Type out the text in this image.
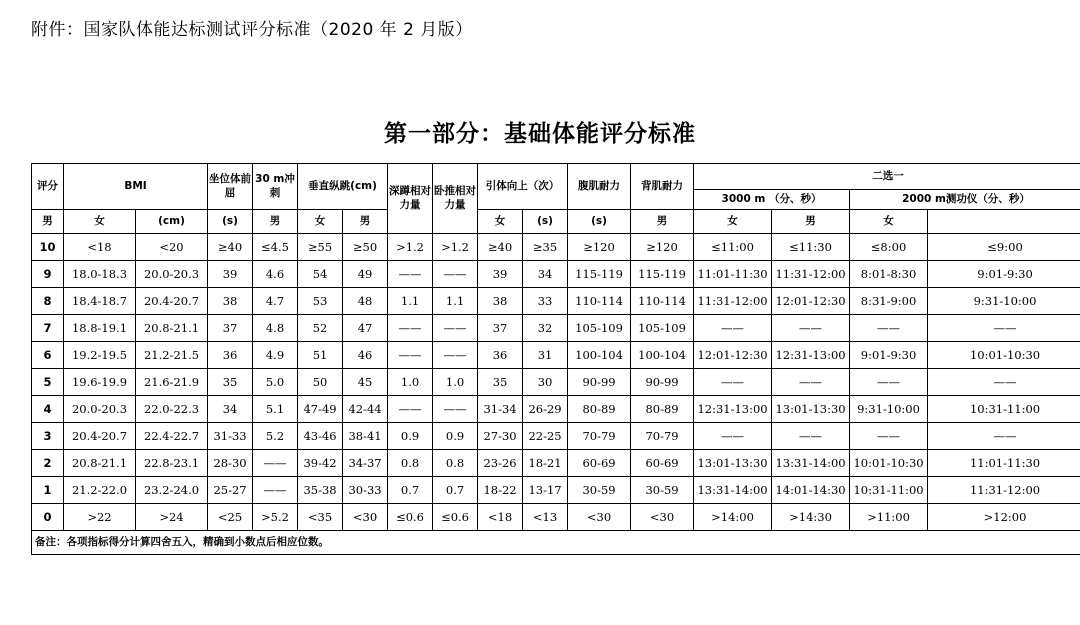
附件：国家队体能达标测试评分标准（2020 年 2 月版）
第一部分：基础体能评分标准
评分	BMI		坐位体前屈	30 m冲刺	垂直纵跳(cm)		深蹲相对力量	卧推相对力量	引体向上（次）		腹肌耐力	背肌耐力	二选一			
													3000 m （分、秒）		2000 m测功仪（分、秒）	
男	女	(cm)	(s)	男	女	男			女	(s)	(s)	男	女	男	女	
10	<18	<20	≥40	≤4.5	≥55	≥50	>1.2	>1.2	≥40	≥35	≥120	≥120	≤11:00	≤11:30	≤8:00	≤9:00
9	18.0-18.3	20.0-20.3	39	4.6	54	49	——	——	39	34	115-119	115-119	11:01-11:30	11:31-12:00	8:01-8:30	9:01-9:30
8	18.4-18.7	20.4-20.7	38	4.7	53	48	1.1	1.1	38	33	110-114	110-114	11:31-12:00	12:01-12:30	8:31-9:00	9:31-10:00
7	18.8-19.1	20.8-21.1	37	4.8	52	47	——	——	37	32	105-109	105-109	——	——	——	——
6	19.2-19.5	21.2-21.5	36	4.9	51	46	——	——	36	31	100-104	100-104	12:01-12:30	12:31-13:00	9:01-9:30	10:01-10:30
5	19.6-19.9	21.6-21.9	35	5.0	50	45	1.0	1.0	35	30	90-99	90-99	——	——	——	——
4	20.0-20.3	22.0-22.3	34	5.1	47-49	42-44	——	——	31-34	26-29	80-89	80-89	12:31-13:00	13:01-13:30	9:31-10:00	10:31-11:00
3	20.4-20.7	22.4-22.7	31-33	5.2	43-46	38-41	0.9	0.9	27-30	22-25	70-79	70-79	——	——	——	——
2	20.8-21.1	22.8-23.1	28-30	——	39-42	34-37	0.8	0.8	23-26	18-21	60-69	60-69	13:01-13:30	13:31-14:00	10:01-10:30	11:01-11:30
1	21.2-22.0	23.2-24.0	25-27	——	35-38	30-33	0.7	0.7	18-22	13-17	30-59	30-59	13:31-14:00	14:01-14:30	10:31-11:00	11:31-12:00
0	>22	>24	<25	>5.2	<35	<30	≤0.6	≤0.6	<18	<13	<30	<30	>14:00	>14:30	>11:00	>12:00
备注：各项指标得分计算四舍五入，精确到小数点后相应位数。																
